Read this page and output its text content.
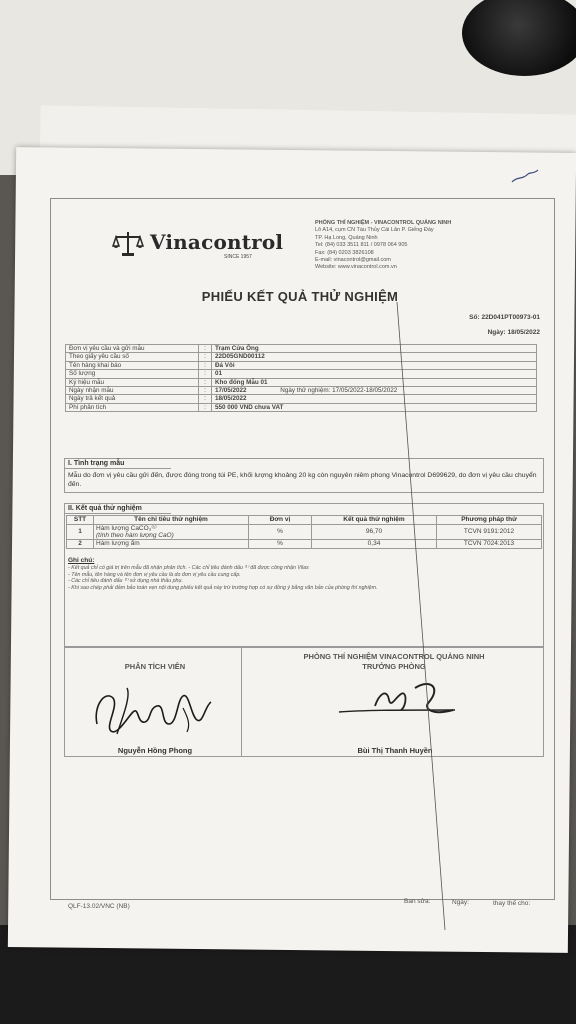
Vinacontrol
SINCE 1957
PHÒNG THÍ NGHIỆM - VINACONTROL QUẢNG NINH
Lô A14, cụm CN Tàu Thủy Cái Lân P. Giếng Đáy
TP. Hạ Long, Quảng Ninh
Tel: (84) 033 3511 811 / 0978 064 905
Fax: (84) 0203 3826108
E-mail: vinacontrol@gmail.com
Website: www.vinacontrol.com.vn
PHIẾU KẾT QUẢ THỬ NGHIỆM
Số: 22D041PT00973-01
Ngày: 18/05/2022
Đơn vị yêu cầu và gửi mẫu	:	Trạm Cửa Ông
Theo giấy yêu cầu số	:	22D05GND00112
Tên hàng khai báo	:	Đá Vôi
Số lượng	:	01
Ký hiệu mẫu	:	Kho đống Mẫu 01
Ngày nhận mẫu	:	17/05/2022 Ngày thử nghiệm: 17/05/2022-18/05/2022
Ngày trả kết quả	:	18/05/2022
Phí phân tích	:	550 000 VND chưa VAT
I. Tình trạng mẫu
Mẫu do đơn vị yêu cầu gửi đến, được đóng trong túi PE, khối lượng khoảng 20 kg còn nguyên niêm phong Vinacontrol D699629, do đơn vị yêu cầu chuyển đến.
II. Kết quả thử nghiệm
STT	Tên chỉ tiêu thử nghiệm	Đơn vị	Kết quả thử nghiệm	Phương pháp thử
1	Hàm lượng CaCO₃⁽¹⁾
(tính theo hàm lượng CaO)	%	96,70	TCVN 9191:2012
2	Hàm lượng ẩm	%	0,34	TCVN 7024:2013
Ghi chú:
- Kết quả chỉ có giá trị trên mẫu đã nhận phân tích. - Các chỉ tiêu đánh dấu ⁽¹⁾ đã được công nhận Vilas
- Tên mẫu, tên hàng và tên đơn vị yêu cầu là do đơn vị yêu cầu cung cấp.
- Các chỉ tiêu đánh dấu ⁽²⁾ sử dụng nhà thầu phụ.
- Khi sao chép phải đảm bảo toàn vẹn nội dung phiếu kết quả này trừ trường hợp có sự đồng ý bằng văn bản của phòng thí nghiệm.
PHÂN TÍCH VIÊN
Nguyễn Hồng Phong
PHÒNG THÍ NGHIỆM VINACONTROL QUẢNG NINH
TRƯỞNG PHÒNG
Bùi Thị Thanh Huyền
QLF-13.02/VNC (NB)
Ban sửa:	Ngày:	thay thế cho:
